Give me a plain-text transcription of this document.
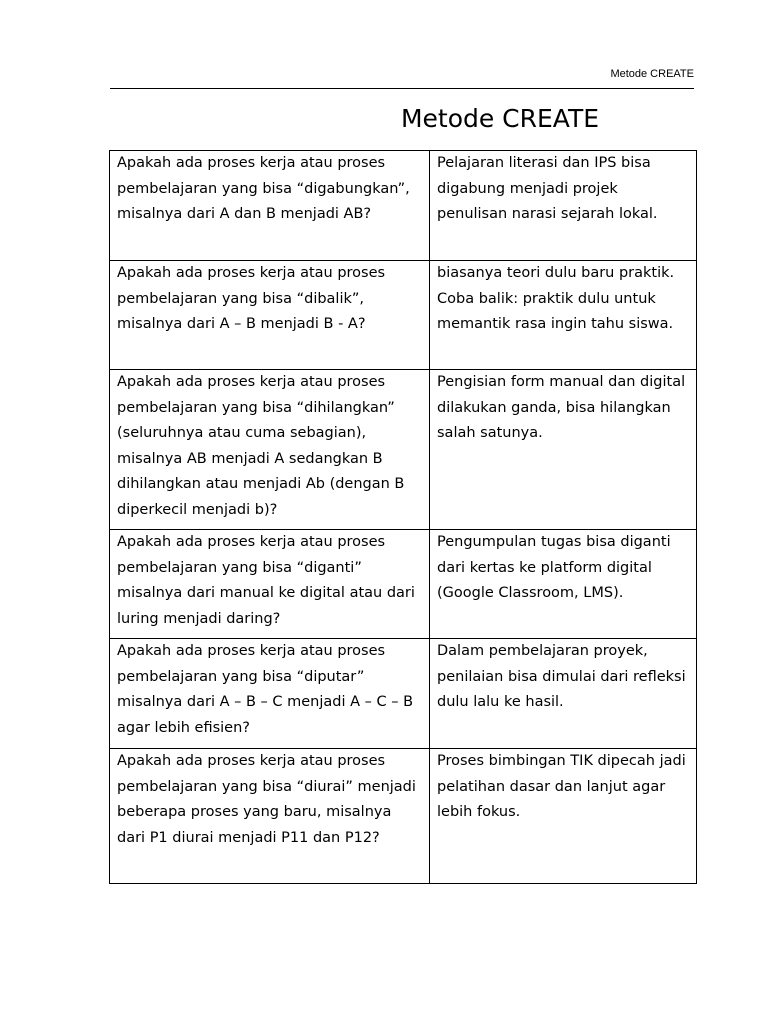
Metode CREATE
Metode CREATE
Apakah ada proses kerja atau proses pembelajaran yang bisa “digabungkan”, misalnya dari A dan B menjadi AB?	Pelajaran literasi dan IPS bisa digabung menjadi projek penulisan narasi sejarah lokal.

Apakah ada proses kerja atau proses pembelajaran yang bisa “dibalik”, misalnya dari A – B menjadi B - A?	biasanya teori dulu baru praktik. Coba balik: praktik dulu untuk memantik rasa ingin tahu siswa.

Apakah ada proses kerja atau proses pembelajaran yang bisa “dihilangkan” (seluruhnya atau cuma sebagian), misalnya AB menjadi A sedangkan B dihilangkan atau menjadi Ab (dengan B diperkecil menjadi b)?	Pengisian form manual dan digital dilakukan ganda, bisa hilangkan salah satunya.

Apakah ada proses kerja atau proses pembelajaran yang bisa “diganti” misalnya dari manual ke digital atau dari luring menjadi daring?	Pengumpulan tugas bisa diganti dari kertas ke platform digital (Google Classroom, LMS).

Apakah ada proses kerja atau proses pembelajaran yang bisa “diputar” misalnya dari A – B – C menjadi A – C – B agar lebih efisien?	Dalam pembelajaran proyek, penilaian bisa dimulai dari refleksi dulu lalu ke hasil.

Apakah ada proses kerja atau proses pembelajaran yang bisa “diurai” menjadi beberapa proses yang baru, misalnya dari P1 diurai menjadi P11 dan P12?	Proses bimbingan TIK dipecah jadi pelatihan dasar dan lanjut agar lebih fokus.
